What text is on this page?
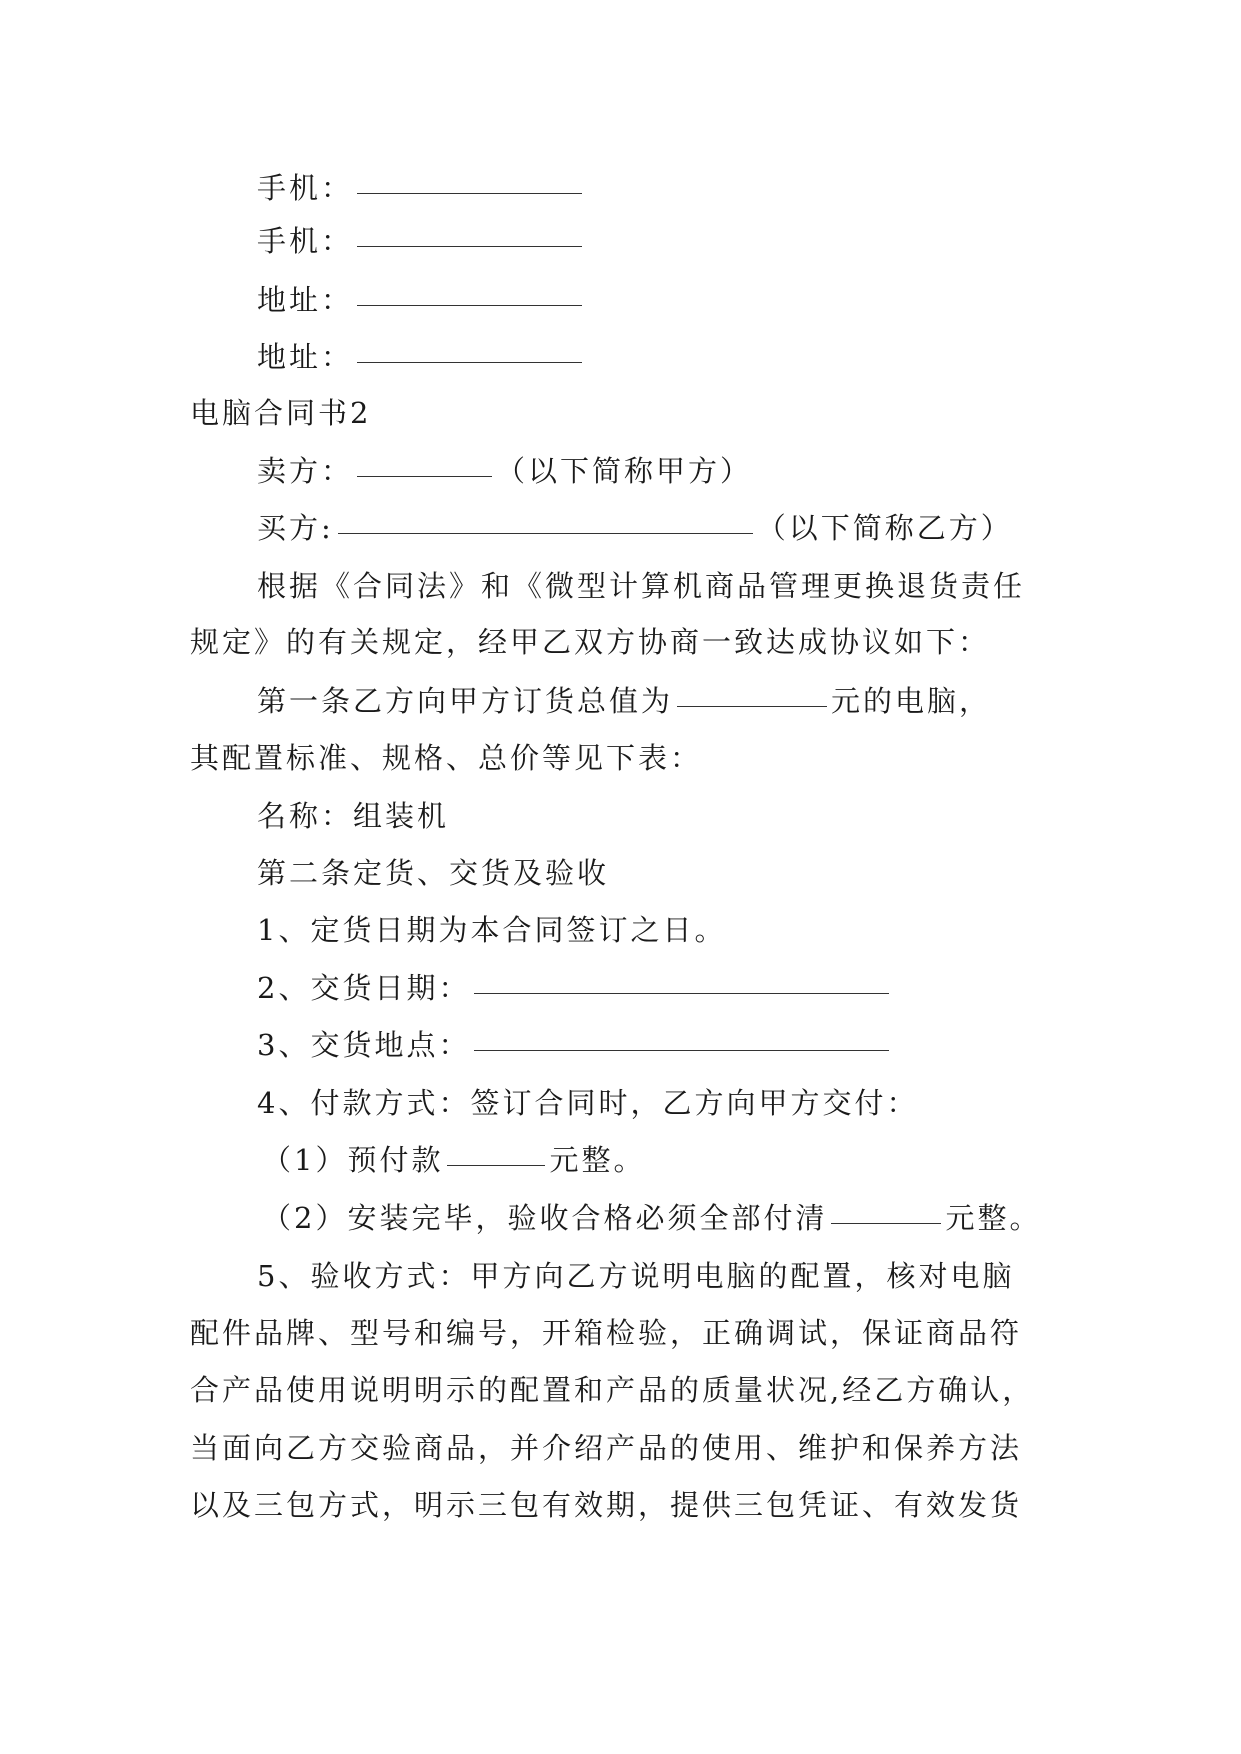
手机：
手机：
地址：
地址：
电脑合同书2
卖方：	（以下简称甲方）
买方:	（以下简称乙方）
根据《合同法》和《微型计算机商品管理更换退货责任
规定》的有关规定，经甲乙双方协商一致达成协议如下：
第一条乙方向甲方订货总值为	元的电脑，
其配置标准、规格、总价等见下表：
名称：组装机
第二条定货、交货及验收
1、定货日期为本合同签订之日。
2、交货日期：
3、交货地点：
4、付款方式：签订合同时，乙方向甲方交付：
（1）预付款	元整。
（2）安装完毕，验收合格必须全部付清	元整。
5、验收方式：甲方向乙方说明电脑的配置，核对电脑
配件品牌、型号和编号，开箱检验，正确调试，保证商品符
合产品使用说明明示的配置和产品的质量状况,经乙方确认，
当面向乙方交验商品，并介绍产品的使用、维护和保养方法
以及三包方式，明示三包有效期，提供三包凭证、有效发货
